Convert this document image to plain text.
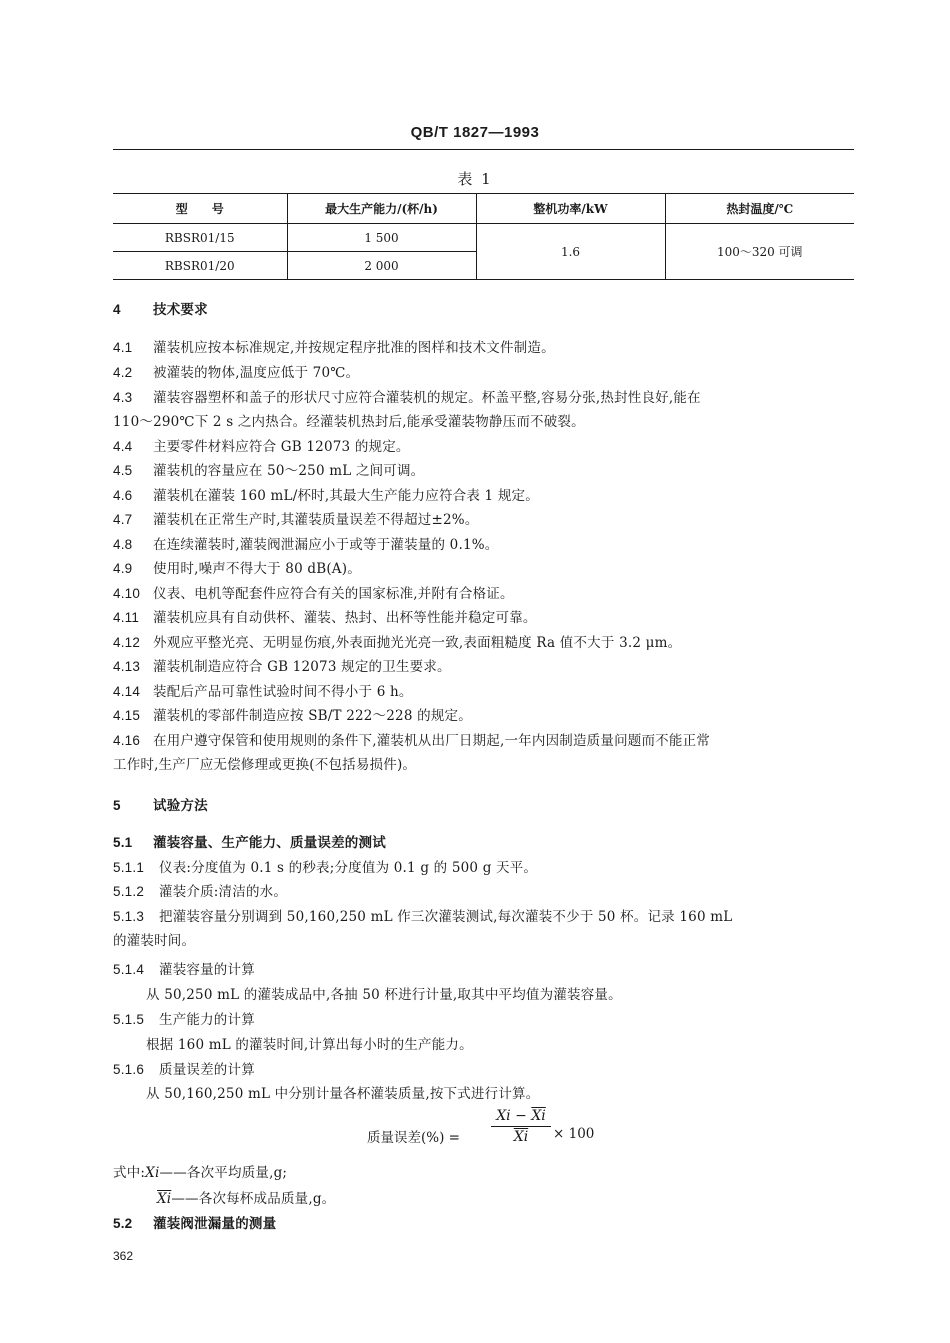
QB/T 1827—1993
表 1
型　　号	最大生产能力/(杯/h)	整机功率/kW	热封温度/℃
RBSR01/15	1 500	1.6	100～320 可调
RBSR01/20	2 000		
4 技术要求
4.1 灌装机应按本标准规定,并按规定程序批准的图样和技术文件制造。
4.2 被灌装的物体,温度应低于 70℃。
4.3 灌装容器塑杯和盖子的形状尺寸应符合灌装机的规定。杯盖平整,容易分张,热封性良好,能在
110～290℃下 2 s 之内热合。经灌装机热封后,能承受灌装物静压而不破裂。
4.4 主要零件材料应符合 GB 12073 的规定。
4.5 灌装机的容量应在 50～250 mL 之间可调。
4.6 灌装机在灌装 160 mL/杯时,其最大生产能力应符合表 1 规定。
4.7 灌装机在正常生产时,其灌装质量误差不得超过±2%。
4.8 在连续灌装时,灌装阀泄漏应小于或等于灌装量的 0.1%。
4.9 使用时,噪声不得大于 80 dB(A)。
4.10 仪表、电机等配套件应符合有关的国家标准,并附有合格证。
4.11 灌装机应具有自动供杯、灌装、热封、出杯等性能并稳定可靠。
4.12 外观应平整光亮、无明显伤痕,外表面抛光光亮一致,表面粗糙度 Ra 值不大于 3.2 μm。
4.13 灌装机制造应符合 GB 12073 规定的卫生要求。
4.14 装配后产品可靠性试验时间不得小于 6 h。
4.15 灌装机的零部件制造应按 SB/T 222～228 的规定。
4.16 在用户遵守保管和使用规则的条件下,灌装机从出厂日期起,一年内因制造质量问题而不能正常
工作时,生产厂应无偿修理或更换(不包括易损件)。
5 试验方法
5.1 灌装容量、生产能力、质量误差的测试
5.1.1 仪表:分度值为 0.1 s 的秒表;分度值为 0.1 g 的 500 g 天平。
5.1.2 灌装介质:清洁的水。
5.1.3 把灌装容量分别调到 50,160,250 mL 作三次灌装测试,每次灌装不少于 50 杯。记录 160 mL
的灌装时间。
5.1.4 灌装容量的计算
从 50,250 mL 的灌装成品中,各抽 50 杯进行计量,取其中平均值为灌装容量。
5.1.5 生产能力的计算
根据 160 mL 的灌装时间,计算出每小时的生产能力。
5.1.6 质量误差的计算
从 50,160,250 mL 中分别计量各杯灌装质量,按下式进行计算。
质量误差(%) = $\frac{Xi - \overline{Xi}}{Xi} \times 100$
式中:Xi——各次平均质量,g;
$\overline{Xi}——$各次每杯成品质量,g。
5.2 灌装阀泄漏量的测量
362
